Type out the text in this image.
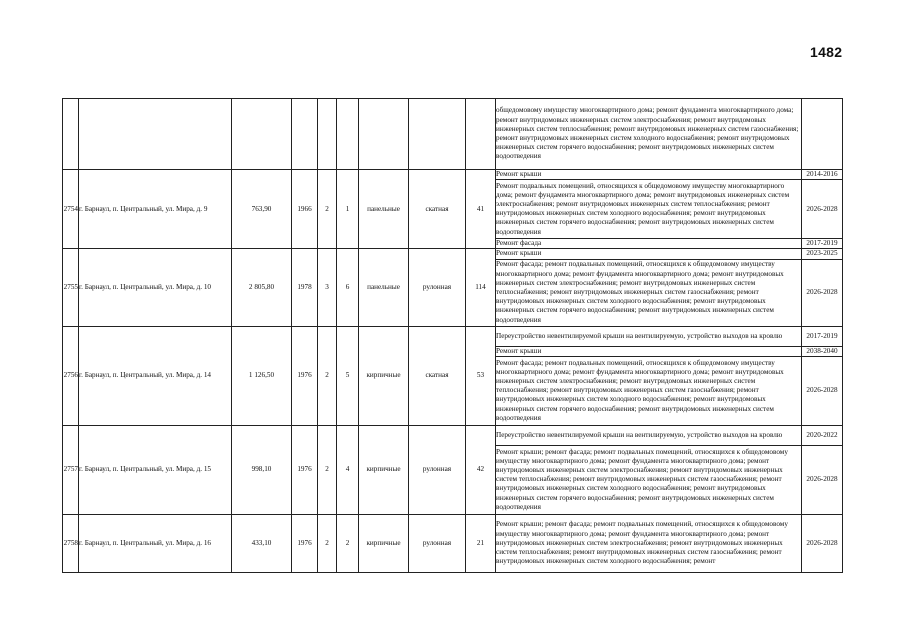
1482
									общедомовому имуществу многоквартирного дома; ремонт фундамента многоквартирного дома; ремонт внутридомовых инженерных систем электроснабжения; ремонт внутридомовых инженерных систем теплоснабжения; ремонт внутридомовых инженерных систем газоснабжения; ремонт внутридомовых инженерных систем холодного водоснабжения; ремонт внутридомовых инженерных систем горячего водоснабжения; ремонт внутридомовых инженерных систем водоотведения	
2754	г. Барнаул, п. Центральный, ул. Мира, д. 9	763,90	1966	2	1	панельные	скатная	41	Ремонт крыши	2014-2016
									Ремонт подвальных помещений, относящихся к общедомовому имуществу многоквартирного дома; ремонт фундамента многоквартирного дома; ремонт внутридомовых инженерных систем электроснабжения; ремонт внутридомовых инженерных систем теплоснабжения; ремонт внутридомовых инженерных систем холодного водоснабжения; ремонт внутридомовых инженерных систем горячего водоснабжения; ремонт внутридомовых инженерных систем водоотведения	2026-2028
									Ремонт фасада	2017-2019
2755	г. Барнаул, п. Центральный, ул. Мира, д. 10	2 805,80	1978	3	6	панельные	рулонная	114	Ремонт крыши	2023-2025
									Ремонт фасада; ремонт подвальных помещений, относящихся к общедомовому имуществу многоквартирного дома; ремонт фундамента многоквартирного дома; ремонт внутридомовых инженерных систем электроснабжения; ремонт внутридомовых инженерных систем теплоснабжения; ремонт внутридомовых инженерных систем газоснабжения; ремонт внутридомовых инженерных систем холодного водоснабжения; ремонт внутридомовых инженерных систем горячего водоснабжения; ремонт внутридомовых инженерных систем водоотведения	2026-2028
2756	г. Барнаул, п. Центральный, ул. Мира, д. 14	1 126,50	1976	2	5	кирпичные	скатная	53	Переустройство невентилируемой крыши на вентилируемую, устройство выходов на кровлю	2017-2019
									Ремонт крыши	2038-2040
									Ремонт фасада; ремонт подвальных помещений, относящихся к общедомовому имуществу многоквартирного дома; ремонт фундамента многоквартирного дома; ремонт внутридомовых инженерных систем электроснабжения; ремонт внутридомовых инженерных систем теплоснабжения; ремонт внутридомовых инженерных систем газоснабжения; ремонт внутридомовых инженерных систем холодного водоснабжения; ремонт внутридомовых инженерных систем горячего водоснабжения; ремонт внутридомовых инженерных систем водоотведения	2026-2028
2757	г. Барнаул, п. Центральный, ул. Мира, д. 15	998,10	1976	2	4	кирпичные	рулонная	42	Переустройство невентилируемой крыши на вентилируемую, устройство выходов на кровлю	2020-2022
									Ремонт крыши; ремонт фасада; ремонт подвальных помещений, относящихся к общедомовому имуществу многоквартирного дома; ремонт фундамента многоквартирного дома; ремонт внутридомовых инженерных систем электроснабжения; ремонт внутридомовых инженерных систем теплоснабжения; ремонт внутридомовых инженерных систем газоснабжения; ремонт внутридомовых инженерных систем холодного водоснабжения; ремонт внутридомовых инженерных систем горячего водоснабжения; ремонт внутридомовых инженерных систем водоотведения	2026-2028
2758	г. Барнаул, п. Центральный, ул. Мира, д. 16	433,10	1976	2	2	кирпичные	рулонная	21	Ремонт крыши; ремонт фасада; ремонт подвальных помещений, относящихся к общедомовому имуществу многоквартирного дома; ремонт фундамента многоквартирного дома; ремонт внутридомовых инженерных систем электроснабжения; ремонт внутридомовых инженерных систем теплоснабжения; ремонт внутридомовых инженерных систем газоснабжения; ремонт внутридомовых инженерных систем холодного водоснабжения; ремонт	2026-2028
